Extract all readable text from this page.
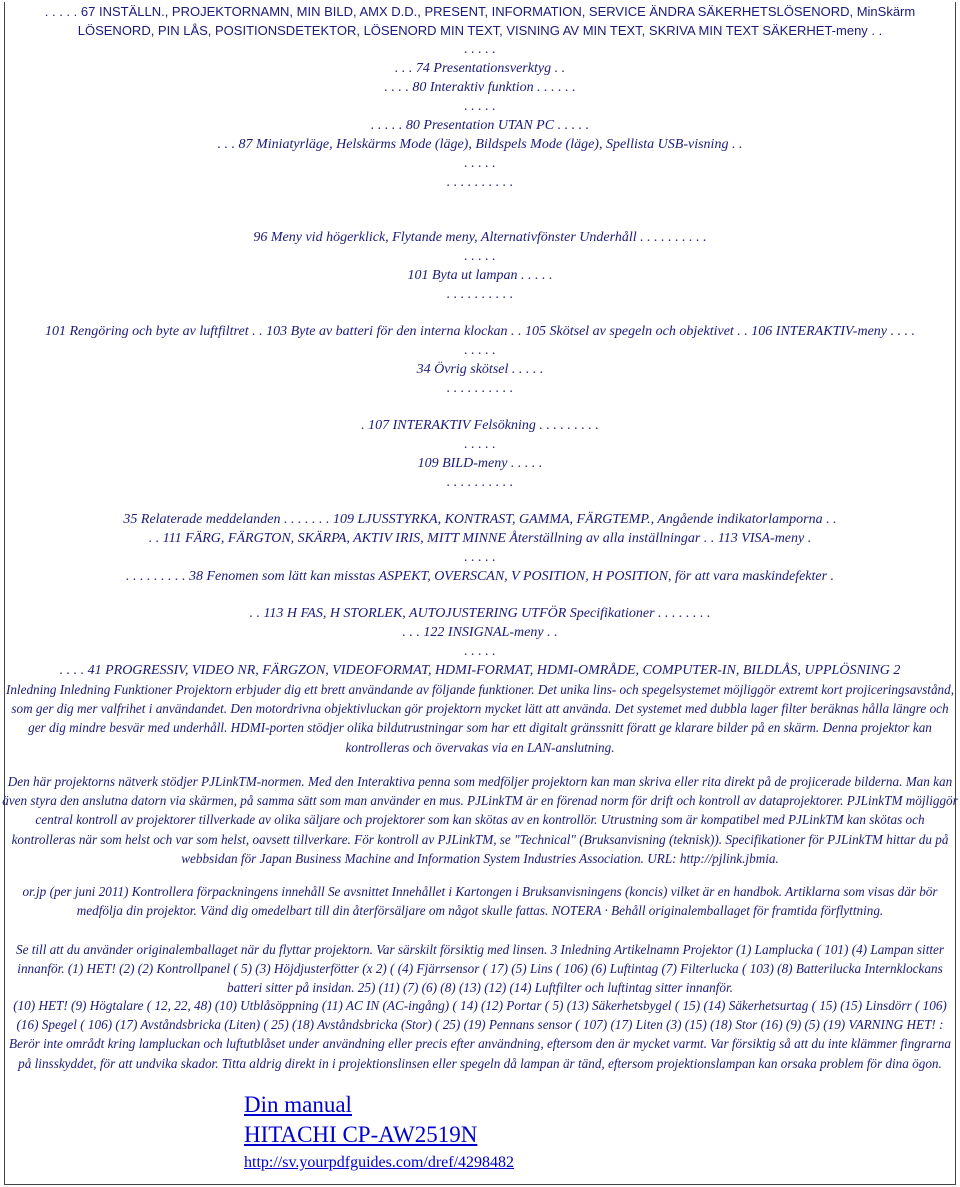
. . . . . 67 INSTÄLLN., PROJEKTORNAMN, MIN BILD, AMX D.D., PRESENT, INFORMATION, SERVICE ÄNDRA SÄKERHETSLÖSENORD, MinSkärm
LÖSENORD, PIN LÅS, POSITIONSDETEKTOR, LÖSENORD MIN TEXT, VISNING AV MIN TEXT, SKRIVA MIN TEXT SÄKERHET-meny . .
. . . . .
. . . 74 Presentationsverktyg . .
. . . . 80 Interaktiv funktion . . . . . .
. . . . .
. . . . . 80 Presentation UTAN PC . . . . .
. . . 87 Miniatyrläge, Helskärms Mode (läge), Bildspels Mode (läge), Spellista USB-visning . .
. . . . .
. . . . . . . . . .
96 Meny vid högerklick, Flytande meny, Alternativfönster Underhåll . . . . . . . . . .
. . . . .
101 Byta ut lampan . . . . .
. . . . . . . . . .
101 Rengöring och byte av luftfiltret . . 103 Byte av batteri för den interna klockan . . 105 Skötsel av spegeln och objektivet . . 106 INTERAKTIV-meny . . . .
. . . . .
34 Övrig skötsel . . . . .
. . . . . . . . . .
. 107 INTERAKTIV Felsökning . . . . . . . . .
. . . . .
109 BILD-meny . . . . .
. . . . . . . . . .
35 Relaterade meddelanden . . . . . . . 109 LJUSSTYRKA, KONTRAST, GAMMA, FÄRGTEMP., Angående indikatorlamporna . .
. . 111 FÄRG, FÄRGTON, SKÄRPA, AKTIV IRIS, MITT MINNE Återställning av alla inställningar . . 113 VISA-meny .
. . . . .
. . . . . . . . . 38 Fenomen som lätt kan misstas ASPEKT, OVERSCAN, V POSITION, H POSITION, för att vara maskindefekter .
. . 113 H FAS, H STORLEK, AUTOJUSTERING UTFÖR Specifikationer . . . . . . . .
. . . 122 INSIGNAL-meny . .
. . . . .
. . . . 41 PROGRESSIV, VIDEO NR, FÄRGZON, VIDEOFORMAT, HDMI-FORMAT, HDMI-OMRÅDE, COMPUTER-IN, BILDLÅS, UPPLÖSNING 2
Inledning Inledning Funktioner Projektorn erbjuder dig ett brett användande av följande funktioner. Det unika lins- och spegelsystemet möjliggör extremt kort projiceringsavstånd, som ger dig mer valfrihet i användandet. Den motordrivna objektivluckan gör projektorn mycket lätt att använda. Det systemet med dubbla lager filter beräknas hålla längre och ger dig mindre besvär med underhåll. HDMI-porten stödjer olika bildutrustningar som har ett digitalt gränssnitt föratt ge klarare bilder på en skärm. Denna projektor kan kontrolleras och övervakas via en LAN-anslutning.
Den här projektorns nätverk stödjer PJLinkTM-normen. Med den Interaktiva penna som medföljer projektorn kan man skriva eller rita direkt på de projicerade bilderna. Man kan även styra den anslutna datorn via skärmen, på samma sätt som man använder en mus. PJLinkTM är en förenad norm för drift och kontroll av dataprojektorer. PJLinkTM möjliggör central kontroll av projektorer tillverkade av olika säljare och projektorer som kan skötas av en kontrollör. Utrustning som är kompatibel med PJLinkTM kan skötas och kontrolleras när som helst och var som helst, oavsett tillverkare. För kontroll av PJLinkTM, se "Technical" (Bruksanvisning (teknisk)). Specifikationer för PJLinkTM hittar du på webbsidan för Japan Business Machine and Information System Industries Association. URL: http://pjlink.jbmia.
or.jp (per juni 2011) Kontrollera förpackningens innehåll Se avsnittet Innehållet i Kartongen i Bruksanvisningens (koncis) vilket är en handbok. Artiklarna som visas där bör medfölja din projektor. Vänd dig omedelbart till din återförsäljare om något skulle fattas. NOTERA · Behåll originalemballaget för framtida förflyttning.
Se till att du använder originalemballaget när du flyttar projektorn. Var särskilt försiktig med linsen. 3 Inledning Artikelnamn Projektor (1) Lamplucka ( 101) (4) Lampan sitter innanför. (1) HET! (2) (2) Kontrollpanel ( 5) (3) Höjdjusterfötter (x 2) ( (4) Fjärrsensor ( 17) (5) Lins ( 106) (6) Luftintag (7) Filterlucka ( 103) (8) Batterilucka Internklockans batteri sitter på insidan. 25) (11) (7) (6) (8) (13) (12) (14) Luftfilter och luftintag sitter innanför.
(10) HET! (9) Högtalare ( 12, 22, 48) (10) Utblåsöppning (11) AC IN (AC-ingång) ( 14) (12) Portar ( 5) (13) Säkerhetsbygel ( 15) (14) Säkerhetsurtag ( 15) (15) Linsdörr ( 106) (16) Spegel ( 106) (17) Avståndsbricka (Liten) ( 25) (18) Avståndsbricka (Stor) ( 25) (19) Pennans sensor ( 107) (17) Liten (3) (15) (18) Stor (16) (9) (5) (19) VARNING HET! : Berör inte områdt kring lampluckan och luftutblåset under användning eller precis efter användning, eftersom den är mycket varmt. Var försiktig så att du inte klämmer fingrarna på linsskyddet, för att undvika skador. Titta aldrig direkt in i projektionslinsen eller spegeln då lampan är tänd, eftersom projektionslampan kan orsaka problem för dina ögon.
Din manual
HITACHI CP-AW2519N
http://sv.yourpdfguides.com/dref/4298482
